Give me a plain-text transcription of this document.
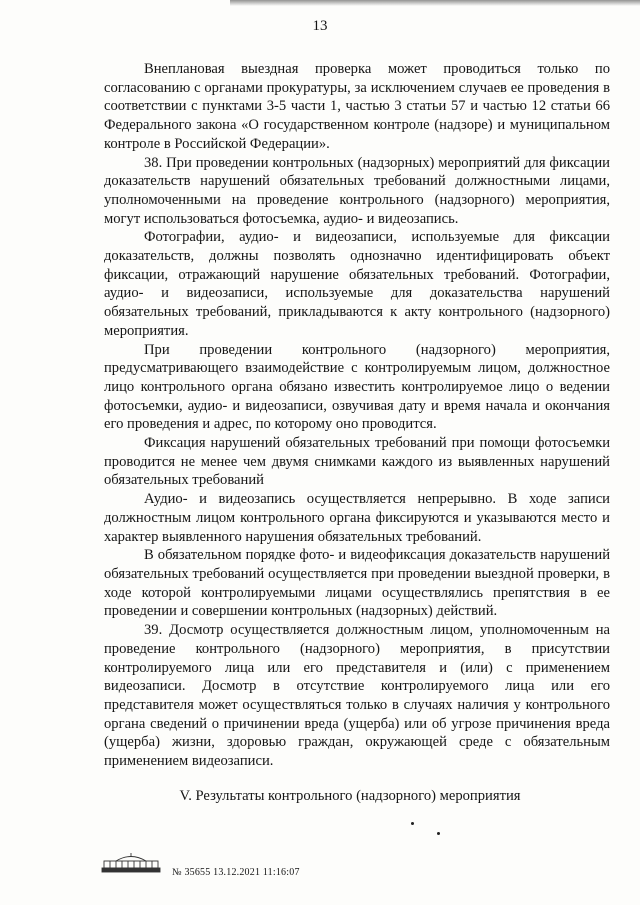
13

Внеплановая выездная проверка может проводиться только по согласованию с органами прокуратуры, за исключением случаев ее проведения в соответствии с пунктами 3-5 части 1, частью 3 статьи 57 и частью 12 статьи 66 Федерального закона «О государственном контроле (надзоре) и муниципальном контроле в Российской Федерации».

38. При проведении контрольных (надзорных) мероприятий для фиксации доказательств нарушений обязательных требований должностными лицами, уполномоченными на проведение контрольного (надзорного) мероприятия, могут использоваться фотосъемка, аудио- и видеозапись.

Фотографии, аудио- и видеозаписи, используемые для фиксации доказательств, должны позволять однозначно идентифицировать объект фиксации, отражающий нарушение обязательных требований. Фотографии, аудио- и видеозаписи, используемые для доказательства нарушений обязательных требований, прикладываются к акту контрольного (надзорного) мероприятия.

При проведении контрольного (надзорного) мероприятия, предусматривающего взаимодействие с контролируемым лицом, должностное лицо контрольного органа обязано известить контролируемое лицо о ведении фотосъемки, аудио- и видеозаписи, озвучивая дату и время начала и окончания его проведения и адрес, по которому оно проводится.

Фиксация нарушений обязательных требований при помощи фотосъемки проводится не менее чем двумя снимками каждого из выявленных нарушений обязательных требований

Аудио- и видеозапись осуществляется непрерывно. В ходе записи должностным лицом контрольного органа фиксируются и указываются место и характер выявленного нарушения обязательных требований.

В обязательном порядке фото- и видеофиксация доказательств нарушений обязательных требований осуществляется при проведении выездной проверки, в ходе которой контролируемыми лицами осуществлялись препятствия в ее проведении и совершении контрольных (надзорных) действий.

39. Досмотр осуществляется должностным лицом, уполномоченным на проведение контрольного (надзорного) мероприятия, в присутствии контролируемого лица или его представителя и (или) с применением видеозаписи. Досмотр в отсутствие контролируемого лица или его представителя может осуществляться только в случаях наличия у контрольного органа сведений о причинении вреда (ущерба) или об угрозе причинения вреда (ущерба) жизни, здоровью граждан, окружающей среде с обязательным применением видеозаписи.

V. Результаты контрольного (надзорного) мероприятия
№ 35655 13.12.2021 11:16:07
